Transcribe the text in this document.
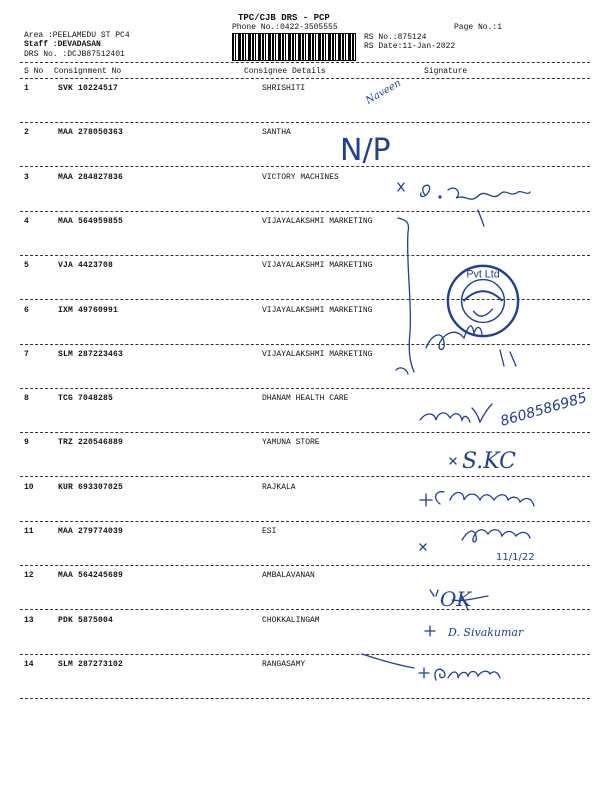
TPC/CJB DRS - PCP
Phone No.:0422-3505555	Page No.:1
Area :PEELAMEDU ST PC4
Staff :DEVADASAN
DRS No. :DCJB87512401
RS No.:875124
RS Date:11-Jan-2022
S No Consignment No	Consignee Details	Signature
1	SVK 10224517	SHRISHITI
2	MAA 278050363	SANTHA
3	MAA 284827836	VICTORY MACHINES
4	MAA 564959855	VIJAYALAKSHMI MARKETING
5	VJA 4423708	VIJAYALAKSHMI MARKETING
6	IXM 49760991	VIJAYALAKSHMI MARKETING
7	SLM 287223463	VIJAYALAKSHMI MARKETING
8	TCG 7048285	DHANAM HEALTH CARE
9	TRZ 220546889	YAMUNA STORE
10	KUR 693307025	RAJKALA
11	MAA 279774039	ESI
12	MAA 564245689	AMBALAVANAN
13	PDK 5875004	CHOKKALINGAM
14	SLM 287273102	RANGASAMY
Pvt Ltd
Naveen
N/P
8608586985
S.KC
11/1/22
OK
D. Sivakumar
